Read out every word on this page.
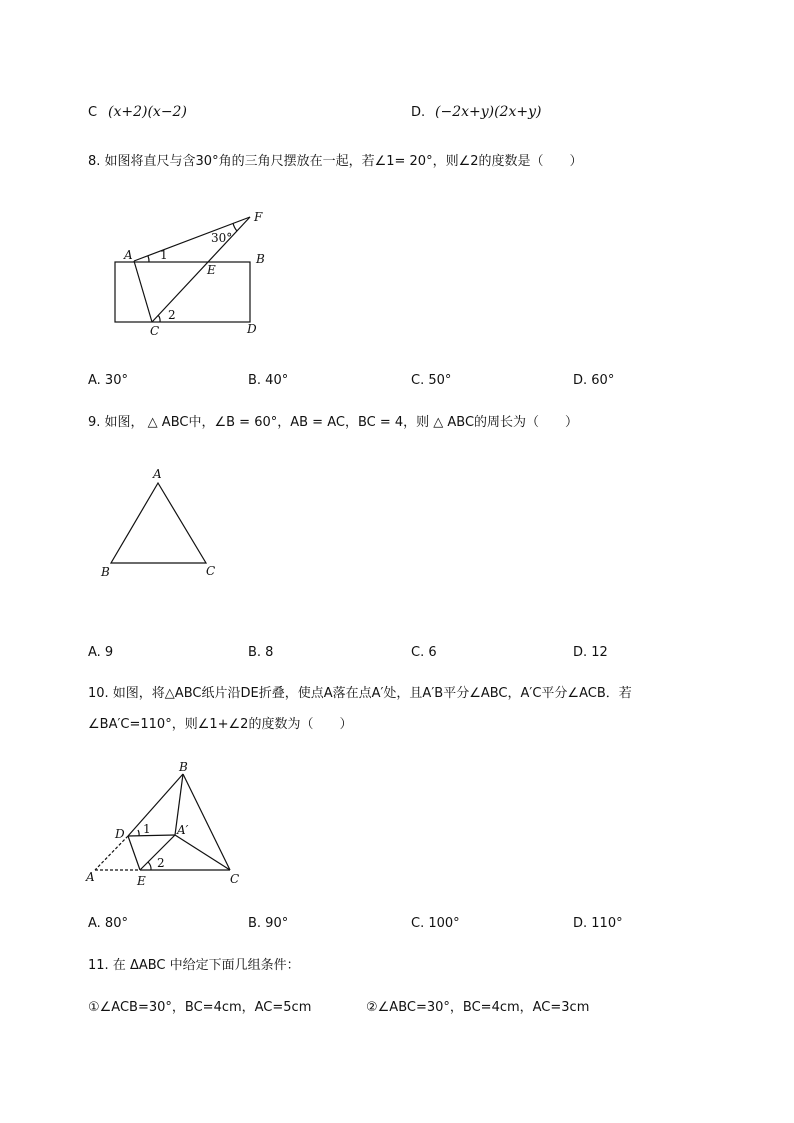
C (x+2)(x−2)	D. (−2x+y)(2x+y)
8. 如图将直尺与含30°角的三角尺摆放在一起，若∠1= 20°，则∠2的度数是（　　）
F
30°
A 1	B
E
2
C	D
A. 30°	B. 40°	C. 50°	D. 60°
9. 如图， △ ABC中，∠B = 60°，AB = AC，BC = 4，则 △ ABC的周长为（　　）
A
B	C
A. 9	B. 8	C. 6	D. 12
10. 如图，将△ABC纸片沿DE折叠，使点A落在点A′处，且A′B平分∠ABC，A′C平分∠ACB．若
∠BA′C=110°，则∠1+∠2的度数为（　　）
B
D 1 A′
2
A	E	C
A. 80°	B. 90°	C. 100°	D. 110°
11. 在 ΔABC 中给定下面几组条件：
①∠ACB=30°，BC=4cm，AC=5cm	②∠ABC=30°，BC=4cm，AC=3cm
